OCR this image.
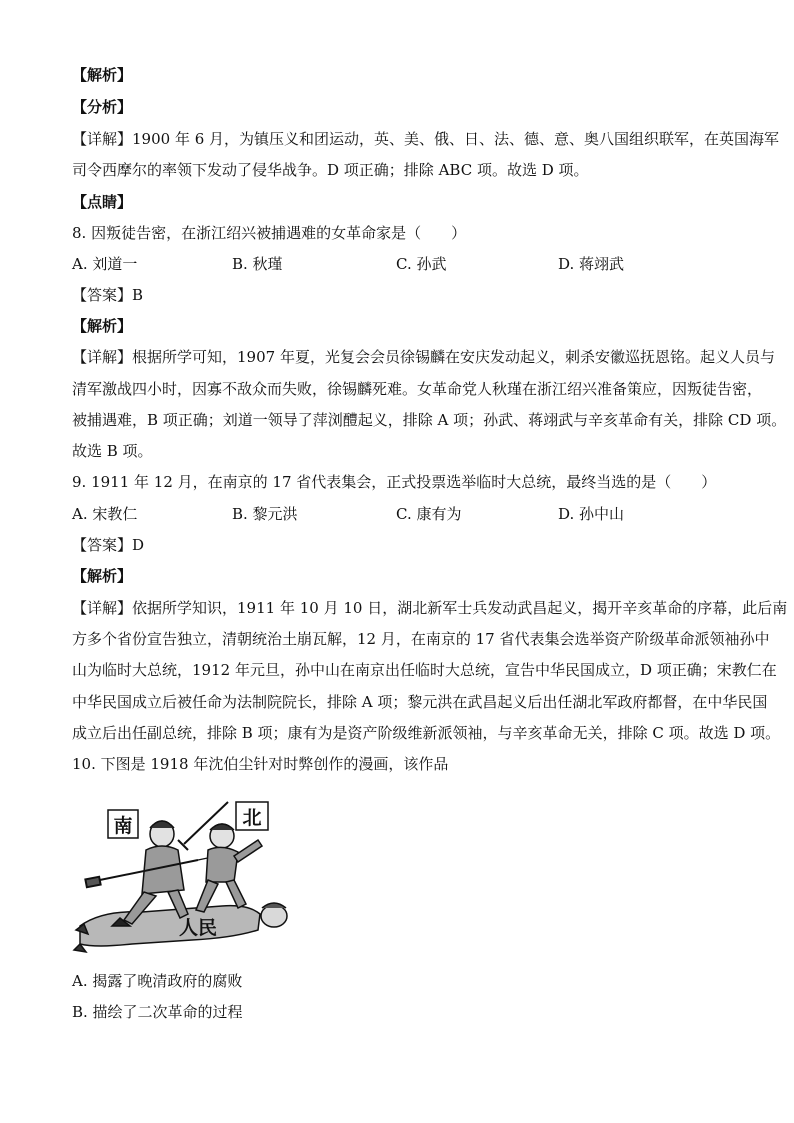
【解析】
【分析】
【详解】1900 年 6 月，为镇压义和团运动，英、美、俄、日、法、德、意、奥八国组织联军，在英国海军
司令西摩尔的率领下发动了侵华战争。D 项正确；排除 ABC 项。故选 D 项。
【点睛】
8. 因叛徒告密，在浙江绍兴被捕遇难的女革命家是（　　）
A. 刘道一	B. 秋瑾	C. 孙武	D. 蒋翊武
【答案】B
【解析】
【详解】根据所学可知，1907 年夏，光复会会员徐锡麟在安庆发动起义，刺杀安徽巡抚恩铭。起义人员与
清军激战四小时，因寡不敌众而失败，徐锡麟死难。女革命党人秋瑾在浙江绍兴准备策应，因叛徒告密，
被捕遇难，B 项正确；刘道一领导了萍浏醴起义，排除 A 项；孙武、蒋翊武与辛亥革命有关，排除 CD 项。
故选 B 项。
9. 1911 年 12 月，在南京的 17 省代表集会，正式投票选举临时大总统，最终当选的是（　　）
A. 宋教仁	B. 黎元洪	C. 康有为	D. 孙中山
【答案】D
【解析】
【详解】依据所学知识，1911 年 10 月 10 日，湖北新军士兵发动武昌起义，揭开辛亥革命的序幕，此后南
方多个省份宣告独立，清朝统治土崩瓦解，12 月，在南京的 17 省代表集会选举资产阶级革命派领袖孙中
山为临时大总统，1912 年元旦，孙中山在南京出任临时大总统，宣告中华民国成立，D 项正确；宋教仁在
中华民国成立后被任命为法制院院长，排除 A 项；黎元洪在武昌起义后出任湖北军政府都督，在中华民国
成立后出任副总统，排除 B 项；康有为是资产阶级维新派领袖，与辛亥革命无关，排除 C 项。故选 D 项。
10. 下图是 1918 年沈伯尘针对时弊创作的漫画，该作品
南	北
人民
A. 揭露了晚清政府的腐败
B. 描绘了二次革命的过程
